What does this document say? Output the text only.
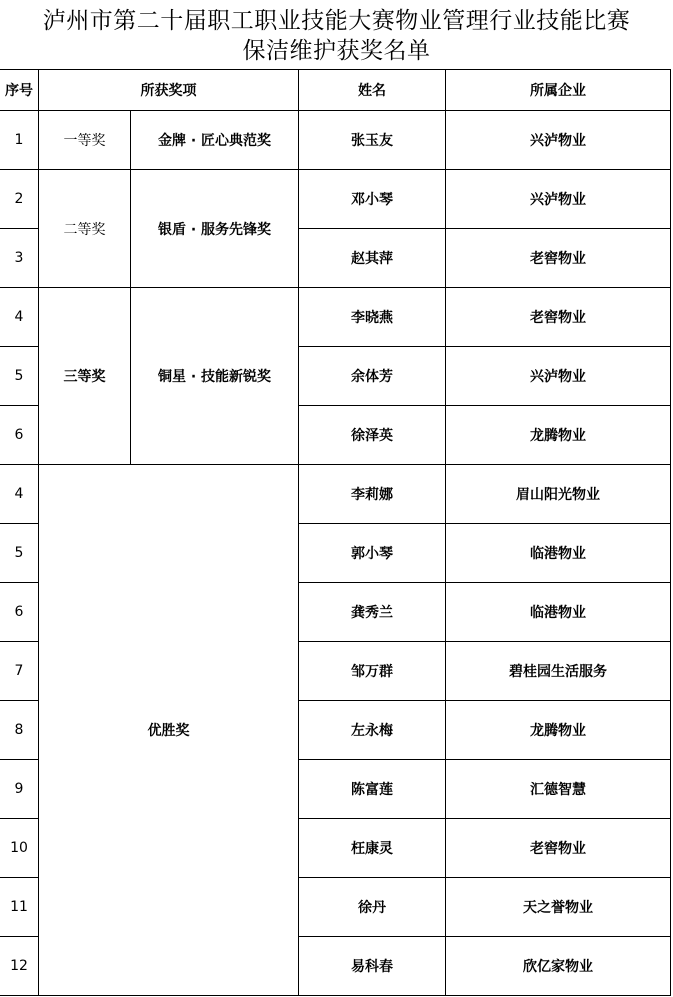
泸州市第二十届职工职业技能大赛物业管理行业技能比赛
保洁维护获奖名单
序号	所获奖项		姓名	所属企业
1	一等奖	金牌 · 匠心典范奖	张玉友	兴泸物业
2	二等奖	银盾 · 服务先锋奖	邓小琴	兴泸物业
3			赵其萍	老窖物业
4	三等奖	铜星 · 技能新锐奖	李晓燕	老窖物业
5			余体芳	兴泸物业
6			徐泽英	龙腾物业
4	优胜奖		李莉娜	眉山阳光物业
5			郭小琴	临港物业
6			龚秀兰	临港物业
7			邹万群	碧桂园生活服务
8			左永梅	龙腾物业
9			陈富莲	汇德智慧
10			枉康灵	老窖物业
11			徐丹	天之誉物业
12			易科春	欣亿家物业
